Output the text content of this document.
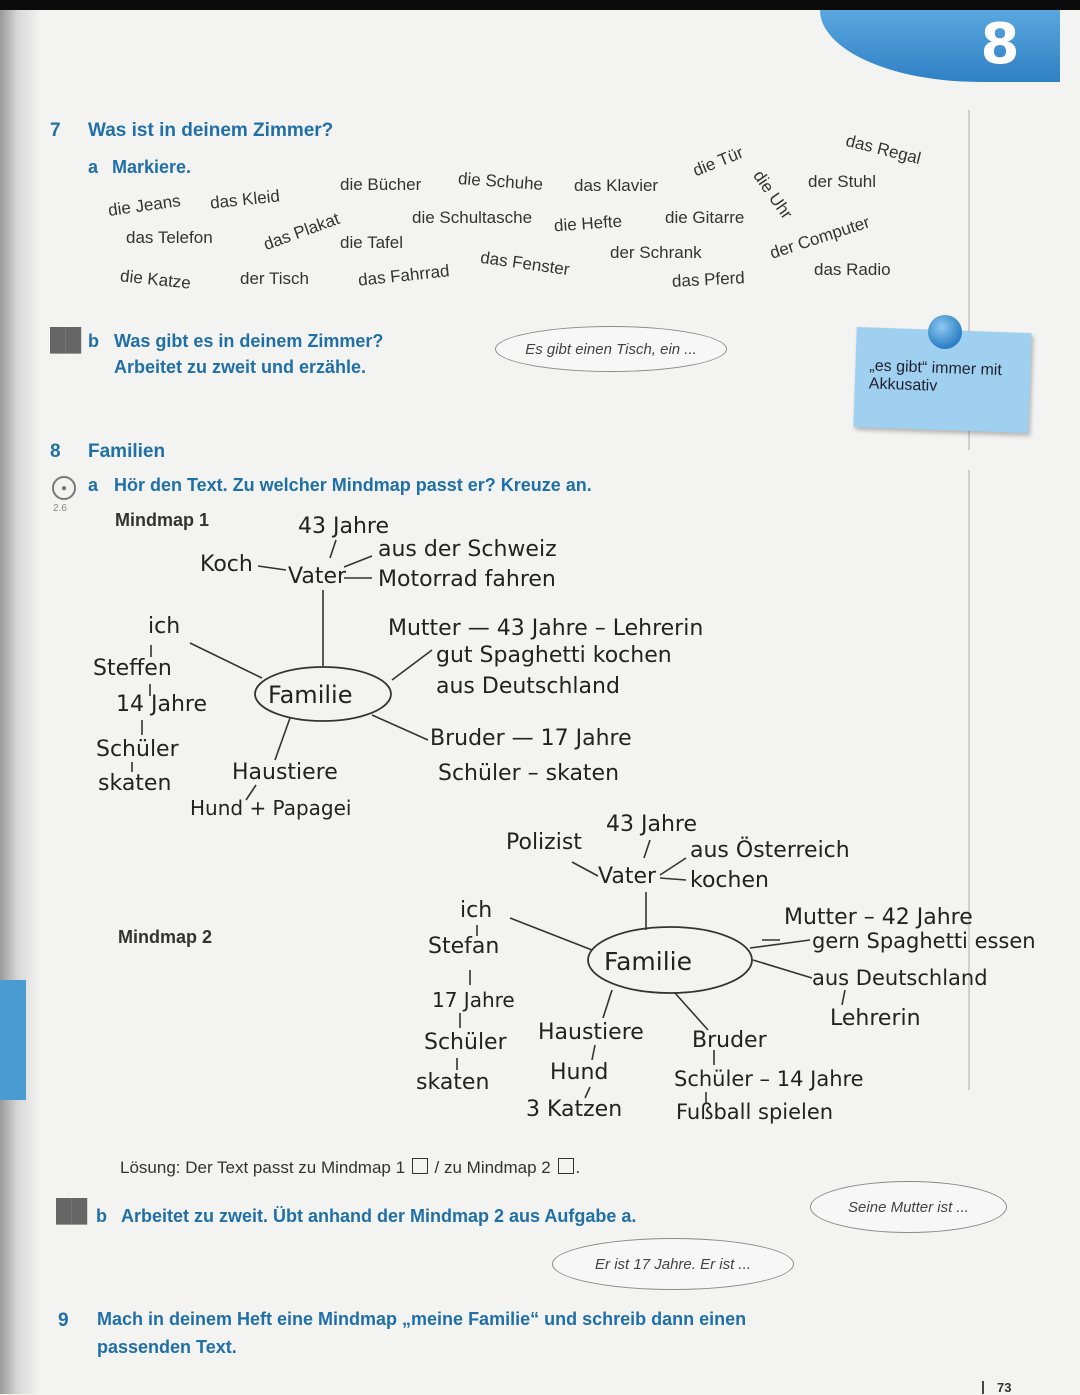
8
7 Was ist in deinem Zimmer?
a Markiere.	das Regal
die Tür
die Uhr der Stuhl
die Bücher die Schuhe das Klavier
die Jeans das Kleid
die Schultasche die Hefte die Gitarre
das Telefon	das Plakat
die Tafel	der Computer
der Schrank
das Fenster
die Katze	der Tisch	das Fahrrad	das Pferd	das Radio
██ b Was gibt es in deinem Zimmer?
Arbeitet zu zweit und erzähle.
Es gibt einen Tisch, ein ...
„es gibt“ immer mit Akkusativ
8 Familien
●
2.6
a Hör den Text. Zu welcher Mindmap passt er? Kreuze an.
Mindmap 1	43 Jahre
Koch Vater
aus der Schweiz
Motorrad fahren
ich
Steffen
14 Jahre
Schüler
skaten
Familie
Mutter — 43 Jahre – Lehrerin
gut Spaghetti kochen
aus Deutschland
Bruder — 17 Jahre
Schüler – skaten
Haustiere
Hund + Papagei
Mindmap 2
43 Jahre
Polizist
Vater
aus Österreich
kochen
ich
Stefan
17 Jahre
Schüler
skaten
Familie
Mutter – 42 Jahre
gern Spaghetti essen
aus Deutschland
Lehrerin
Haustiere
Hund
3 Katzen
Bruder
Schüler – 14 Jahre
Fußball spielen
Lösung: Der Text passt zu Mindmap 1 / zu Mindmap 2 .
██ b Arbeitet zu zweit. Übt anhand der Mindmap 2 aus Aufgabe a.	Seine Mutter ist ...
Er ist 17 Jahre. Er ist ...
9 Mach in deinem Heft eine Mindmap „meine Familie“ und schreib dann einen
passenden Text.
73
